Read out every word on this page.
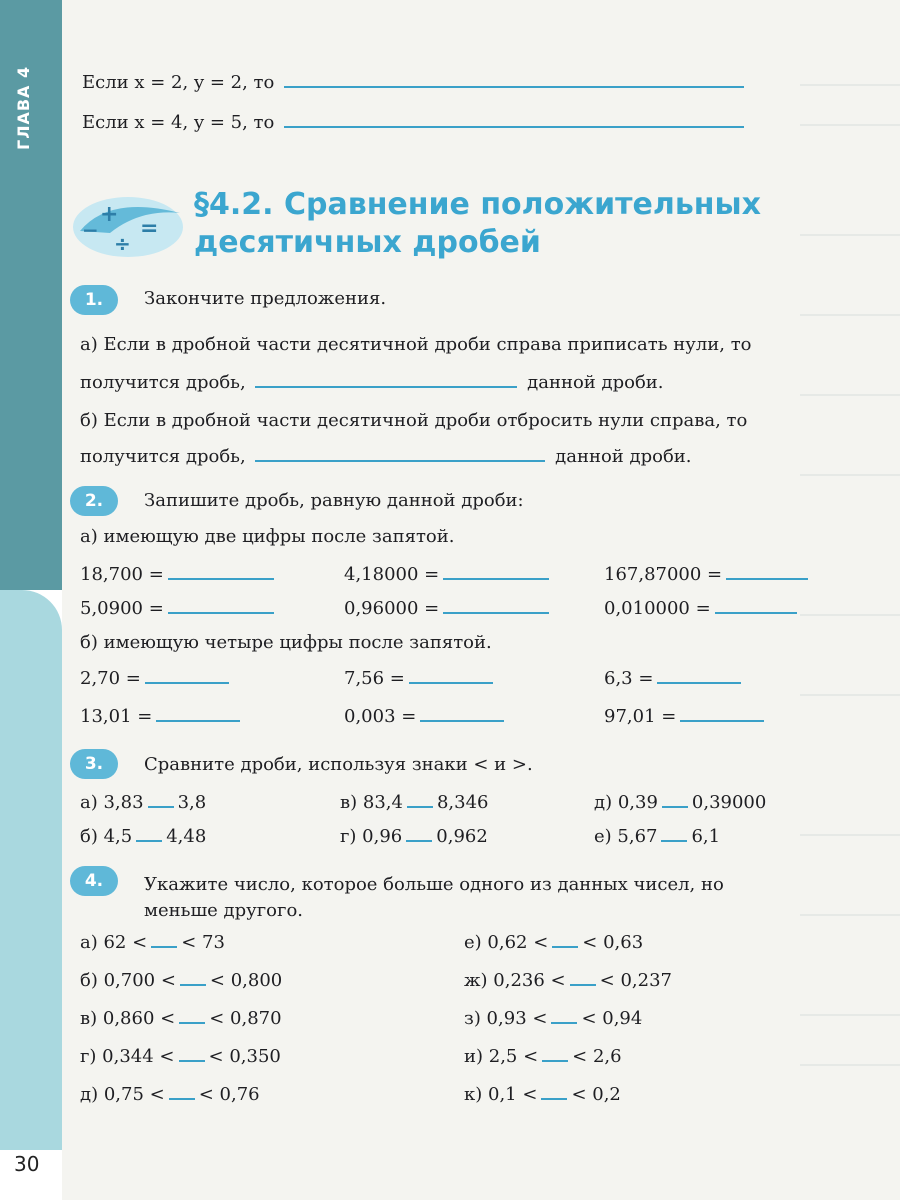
ГЛАВА 4
30
Если x = 2, y = 2, то
Если x = 4, y = 5, то
+
− =
÷
§4.2. Сравнение положительных
десятичных дробей
1.	Закончите предложения.
а) Если в дробной части десятичной дроби справа приписать нули, то
получится дробь,	данной дроби.
б) Если в дробной части десятичной дроби отбросить нули справа, то
получится дробь,	данной дроби.
2.	Запишите дробь, равную данной дроби:
а) имеющую две цифры после запятой.
18,700 =	4,18000 =	167,87000 =
5,0900 =	0,96000 =	0,010000 =
б) имеющую четыре цифры после запятой.
2,70 =	7,56 =	6,3 =
13,01 =	0,003 =	97,01 =
3.	Сравните дроби, используя знаки < и >.
а) 3,83 3,8	в) 83,4 8,346	д) 0,39 0,39000
б) 4,5 4,48	г) 0,96 0,962	е) 5,67 6,1
4.	Укажите число, которое больше одного из данных чисел, но
меньше другого.
а) 62 < < 73
б) 0,700 < < 0,800
в) 0,860 < < 0,870
г) 0,344 < < 0,350
д) 0,75 < < 0,76
е) 0,62 < < 0,63
ж) 0,236 < < 0,237
з) 0,93 < < 0,94
и) 2,5 < < 2,6
к) 0,1 < < 0,2
